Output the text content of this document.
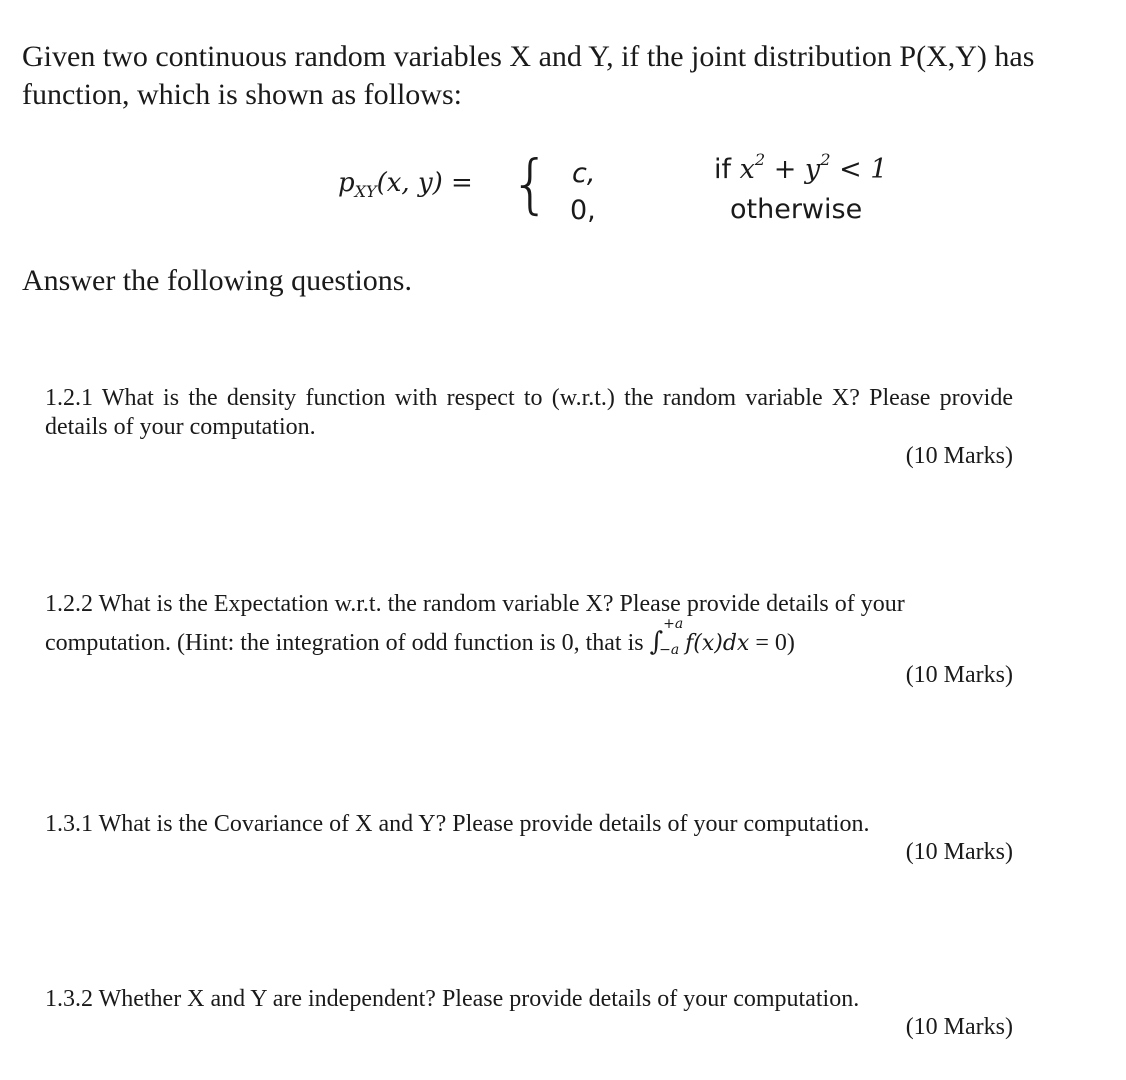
Given two continuous random variables X and Y, if the joint distribution P(X,Y) has
function, which is shown as follows:
$p_{XY}(x$, y) = { c,
0,
if $x^2 + y^2 < 1$
otherwise
Answer the following questions.
1.2.1 What is the density function with respect to (w.r.t.) the random variable X? Please provide details of your computation.
(10 Marks)
1.2.2 What is the Expectation w.r.t. the random variable X? Please provide details of your
computation. (Hint: the integration of odd function is 0, that is ∫
+a
−a f(x)dx = 0)
(10 Marks)
1.3.1 What is the Covariance of X and Y? Please provide details of your computation.
(10 Marks)
1.3.2 Whether X and Y are independent? Please provide details of your computation.
(10 Marks)
